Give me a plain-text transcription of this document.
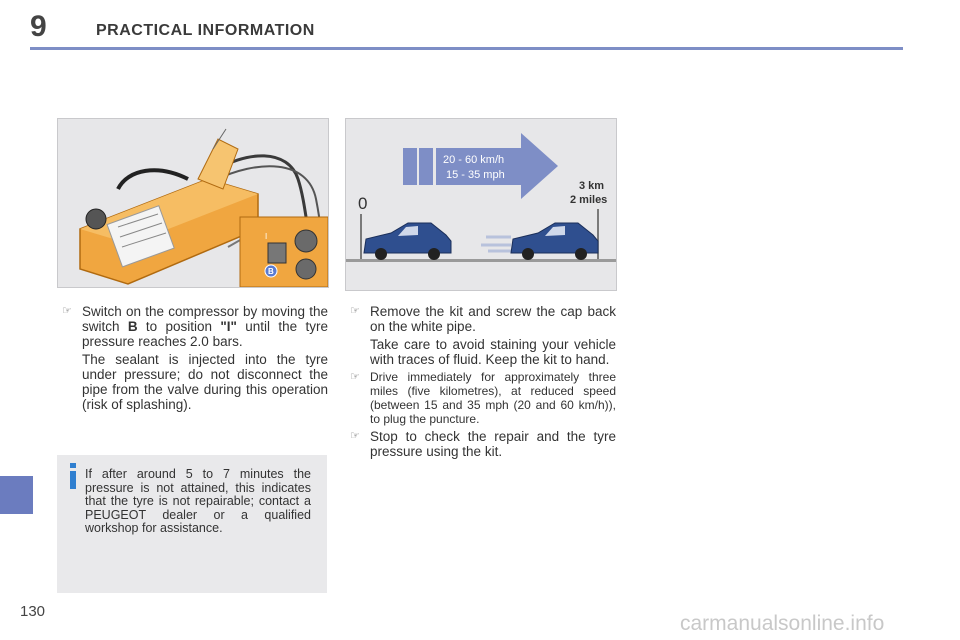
9	PRACTICAL INFORMATION
I
B
20 - 60 km/h
15 - 35 mph
0
3 km
2 miles
☞ Switch on the compressor by moving the switch B to position "I" until the tyre pressure reaches 2.0 bars.
The sealant is injected into the tyre under pressure; do not disconnect the pipe from the valve during this operation (risk of splashing).
☞ Remove the kit and screw the cap back on the white pipe.
Take care to avoid staining your vehicle with traces of fluid. Keep the kit to hand.
☞ Drive immediately for approximately three miles (five kilometres), at reduced speed (between 15 and 35 mph (20 and 60 km/h)), to plug the puncture.
☞ Stop to check the repair and the tyre pressure using the kit.
If after around 5 to 7 minutes the pressure is not attained, this indicates that the tyre is not repairable; contact a PEUGEOT dealer or a qualified workshop for assistance.
130
carmanualsonline.info
